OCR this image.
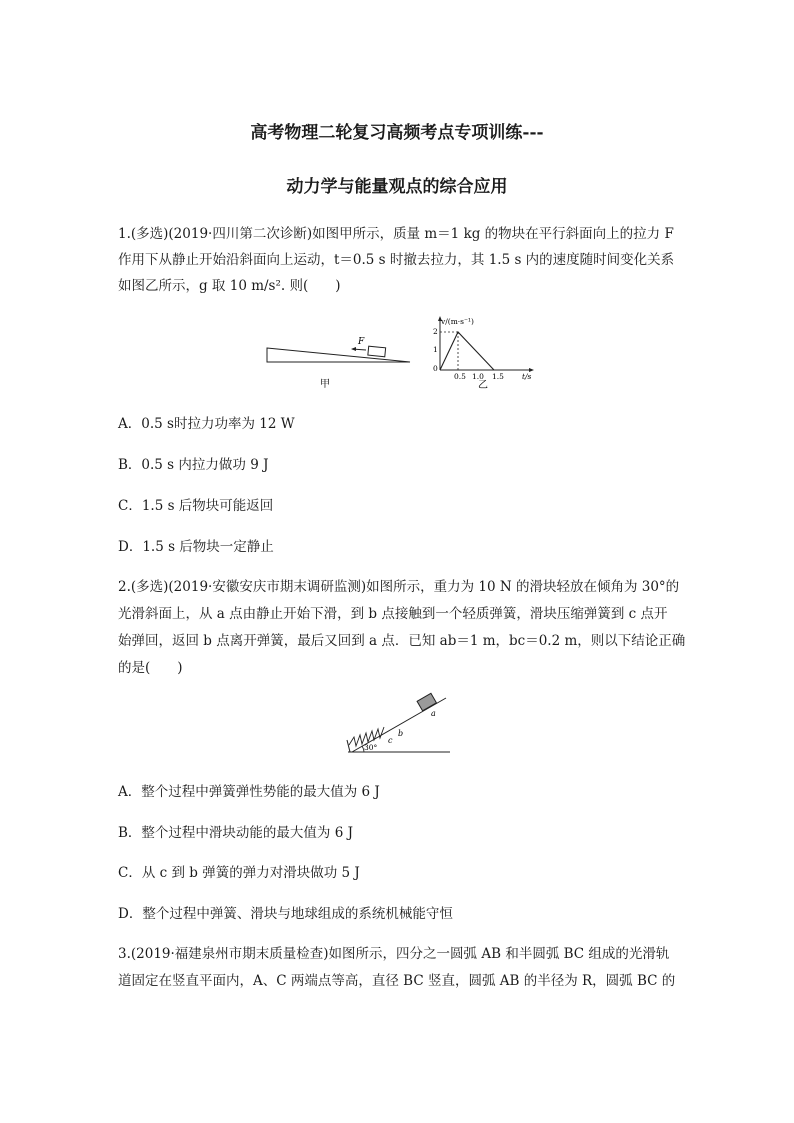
高考物理二轮复习高频考点专项训练---
动力学与能量观点的综合应用
1.(多选)(2019·四川第二次诊断)如图甲所示，质量 m＝1 kg 的物块在平行斜面向上的拉力 F
作用下从静止开始沿斜面向上运动，t＝0.5 s 时撤去拉力，其 1.5 s 内的速度随时间变化关系
如图乙所示，g 取 10 m/s². 则(　　)
F
甲
v/(m·s⁻¹)
t/s
2
1
0
0.5 1.0 1.5
乙
A．0.5 s时拉力功率为 12 W
B．0.5 s 内拉力做功 9 J
C．1.5 s 后物块可能返回
D．1.5 s 后物块一定静止
2.(多选)(2019·安徽安庆市期末调研监测)如图所示，重力为 10 N 的滑块轻放在倾角为 30°的
光滑斜面上，从 a 点由静止开始下滑，到 b 点接触到一个轻质弹簧，滑块压缩弹簧到 c 点开
始弹回，返回 b 点离开弹簧，最后又回到 a 点．已知 ab＝1 m，bc＝0.2 m，则以下结论正确
的是(　　)
30°
c
b
a
A．整个过程中弹簧弹性势能的最大值为 6 J
B．整个过程中滑块动能的最大值为 6 J
C．从 c 到 b 弹簧的弹力对滑块做功 5 J
D．整个过程中弹簧、滑块与地球组成的系统机械能守恒
3.(2019·福建泉州市期末质量检查)如图所示，四分之一圆弧 AB 和半圆弧 BC 组成的光滑轨
道固定在竖直平面内，A、C 两端点等高，直径 BC 竖直，圆弧 AB 的半径为 R，圆弧 BC 的
